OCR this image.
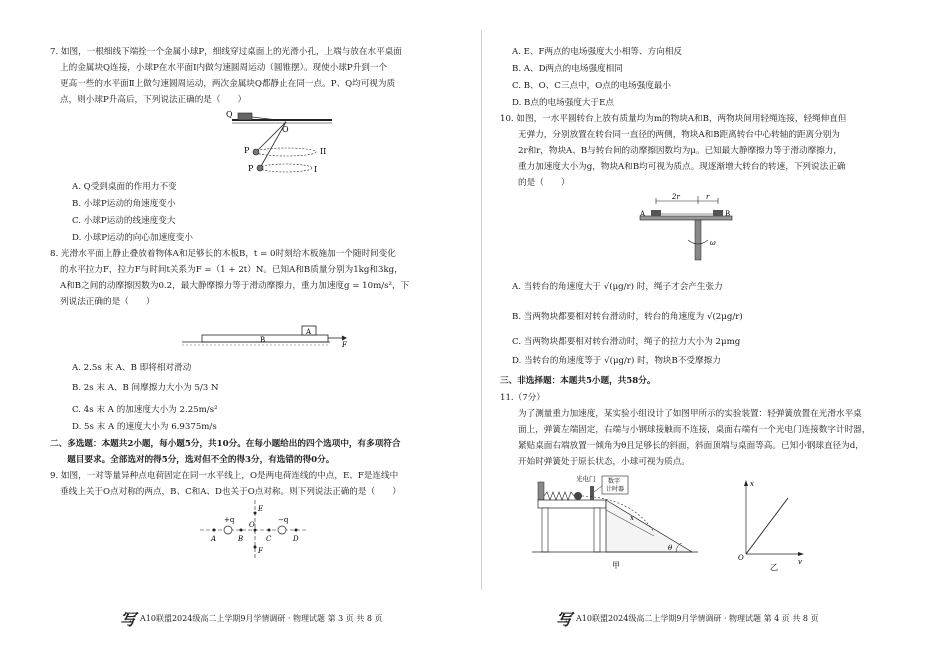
7. 如图，一根细线下端拴一个金属小球P，细线穿过桌面上的光滑小孔，上端与放在水平桌面
上的金属块Q连接，小球P在水平面Ⅰ内做匀速圆周运动（圆锥摆）。现使小球P升到一个
更高一些的水平面Ⅱ上做匀速圆周运动，两次金属块Q都静止在同一点。P、Q均可视为质
点，则小球P升高后，下列说法正确的是（　　）
Q
O
P
P
II
I
A. Q受到桌面的作用力不变
B. 小球P运动的角速度变小
C. 小球P运动的线速度变大
D. 小球P运动的向心加速度变小
8. 光滑水平面上静止叠放着物体A和足够长的木板B，t = 0时刻给木板施加一个随时间变化
的水平拉力F，拉力F与时间t关系为F =（1 + 2t）N。已知A和B质量分别为1kg和3kg，
A和B之间的动摩擦因数为0.2，最大静摩擦力等于滑动摩擦力，重力加速度g = 10m/s²，下
列说法正确的是（　　）
A
B
F
A. 2.5s 末 A、B 即将相对滑动
B. 2s 末 A、B 间摩擦力大小为 5/3 N
C. 4s 末 A 的加速度大小为 2.25m/s²
D. 5s 末 A 的速度大小为 6.9375m/s
二、多选题：本题共2小题，每小题5分，共10分。在每小题给出的四个选项中，有多项符合
　　题目要求。全部选对的得5分，选对但不全的得3分，有选错的得0分。
9. 如图，一对等量异种点电荷固定在同一水平线上，O是两电荷连线的中点，E、F是连线中
垂线上关于O点对称的两点，B、C和A、D也关于O点对称。则下列说法正确的是（　　）
+q	−q
A	B
O
C	D
E
F
写 A10联盟2024级高二上学期9月学情调研 · 物理试题 第 3 页 共 8 页
A. E、F两点的电场强度大小相等、方向相反
B. A、D两点的电场强度相同
C. B、O、C三点中，O点的电场强度最小
D. B点的电场强度大于E点
10. 如图，一水平圆转台上放有质量均为m的物块A和B，两物块间用轻绳连接，轻绳伸直但
无弹力，分别放置在转台同一直径的两侧，物块A和B距离转台中心转轴的距离分别为
2r和r，物块A、B与转台间的动摩擦因数均为μ。已知最大静摩擦力等于滑动摩擦力，
重力加速度大小为g，物块A和B均可视为质点。现逐渐增大转台的转速，下列说法正确
的是（　　）
2r	r
A	B
ω
A. 当转台的角速度大于 √(μg/r) 时，绳子才会产生张力
B. 当两物块都要相对转台滑动时，转台的角速度为 √(2μg/r)
C. 当两物块都要相对转台滑动时，绳子的拉力大小为 2μmg
D. 当转台的角速度等于 √(μg/r) 时，物块B不受摩擦力
三、非选择题：本题共5小题，共58分。
11.（7分）
为了测量重力加速度，某实验小组设计了如图甲所示的实验装置：轻弹簧放置在光滑水平桌
面上，弹簧左端固定，右端与小钢球接触而不连接，桌面右端有一个光电门连接数字计时器，
紧贴桌面右端放置一倾角为θ且足够长的斜面，斜面顶端与桌面等高。已知小钢球直径为d，
开始时弹簧处于原长状态，小球可视为质点。
光电门 数字
计时器
x
θ
甲
x
O	v
乙
写 A10联盟2024级高二上学期9月学情调研 · 物理试题 第 4 页 共 8 页
